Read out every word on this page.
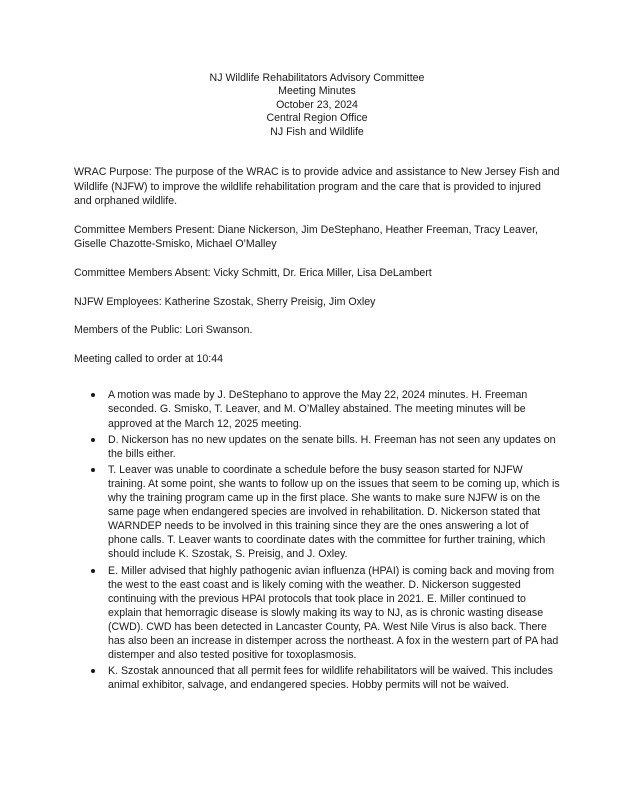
NJ Wildlife Rehabilitators Advisory Committee
Meeting Minutes
October 23, 2024
Central Region Office
NJ Fish and Wildlife

WRAC Purpose: The purpose of the WRAC is to provide advice and assistance to New Jersey Fish and Wildlife (NJFW) to improve the wildlife rehabilitation program and the care that is provided to injured and orphaned wildlife.

Committee Members Present: Diane Nickerson, Jim DeStephano, Heather Freeman, Tracy Leaver, Giselle Chazotte-Smisko, Michael O’Malley

Committee Members Absent: Vicky Schmitt, Dr. Erica Miller, Lisa DeLambert

NJFW Employees: Katherine Szostak, Sherry Preisig, Jim Oxley

Members of the Public: Lori Swanson.

Meeting called to order at 10:44

A motion was made by J. DeStephano to approve the May 22, 2024 minutes. H. Freeman seconded. G. Smisko, T. Leaver, and M. O’Malley abstained. The meeting minutes will be approved at the March 12, 2025 meeting.
D. Nickerson has no new updates on the senate bills. H. Freeman has not seen any updates on the bills either.
T. Leaver was unable to coordinate a schedule before the busy season started for NJFW training. At some point, she wants to follow up on the issues that seem to be coming up, which is why the training program came up in the first place. She wants to make sure NJFW is on the same page when endangered species are involved in rehabilitation. D. Nickerson stated that WARNDEP needs to be involved in this training since they are the ones answering a lot of phone calls. T. Leaver wants to coordinate dates with the committee for further training, which should include K. Szostak, S. Preisig, and J. Oxley.
E. Miller advised that highly pathogenic avian influenza (HPAI) is coming back and moving from the west to the east coast and is likely coming with the weather. D. Nickerson suggested continuing with the previous HPAI protocols that took place in 2021. E. Miller continued to explain that hemorragic disease is slowly making its way to NJ, as is chronic wasting disease (CWD). CWD has been detected in Lancaster County, PA. West Nile Virus is also back. There has also been an increase in distemper across the northeast. A fox in the western part of PA had distemper and also tested positive for toxoplasmosis.
K. Szostak announced that all permit fees for wildlife rehabilitators will be waived. This includes animal exhibitor, salvage, and endangered species. Hobby permits will not be waived.
